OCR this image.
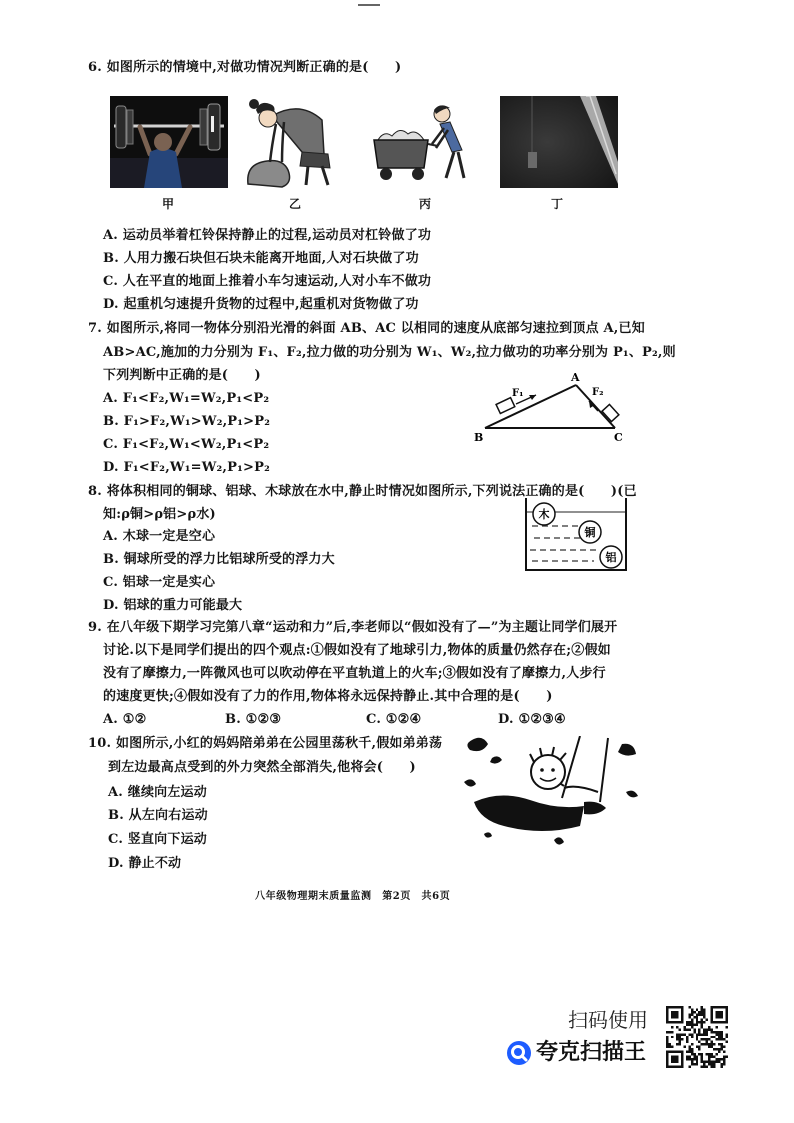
6. 如图所示的情境中,对做功情况判断正确的是(　　)
甲	乙	丙	丁
A. 运动员举着杠铃保持静止的过程,运动员对杠铃做了功
B. 人用力搬石块但石块未能离开地面,人对石块做了功
C. 人在平直的地面上推着小车匀速运动,人对小车不做功
D. 起重机匀速提升货物的过程中,起重机对货物做了功
7. 如图所示,将同一物体分别沿光滑的斜面 AB、AC 以相同的速度从底部匀速拉到顶点 A,已知
AB>AC,施加的力分别为 F₁、F₂,拉力做的功分别为 W₁、W₂,拉力做功的功率分别为 P₁、P₂,则
下列判断中正确的是(　　)
A. F₁<F₂,W₁=W₂,P₁<P₂
B. F₁>F₂,W₁>W₂,P₁>P₂
C. F₁<F₂,W₁<W₂,P₁<P₂
D. F₁<F₂,W₁=W₂,P₁>P₂
A
B	C
F₁	F₂
8. 将体积相同的铜球、铝球、木球放在水中,静止时情况如图所示,下列说法正确的是(　　)(已
知:ρ铜>ρ铝>ρ水)
A. 木球一定是空心
B. 铜球所受的浮力比铝球所受的浮力大
C. 铝球一定是实心
D. 铝球的重力可能最大
木
铜
铝
9. 在八年级下期学习完第八章“运动和力”后,李老师以“假如没有了—”为主题让同学们展开
讨论.以下是同学们提出的四个观点:①假如没有了地球引力,物体的质量仍然存在;②假如
没有了摩擦力,一阵微风也可以吹动停在平直轨道上的火车;③假如没有了摩擦力,人步行
的速度更快;④假如没有了力的作用,物体将永远保持静止.其中合理的是(　　)
A. ①②	B. ①②③	C. ①②④	D. ①②③④
10. 如图所示,小红的妈妈陪弟弟在公园里荡秋千,假如弟弟荡
到左边最高点受到的外力突然全部消失,他将会(　　)
A. 继续向左运动
B. 从左向右运动
C. 竖直向下运动
D. 静止不动
八年级物理期末质量监测　第2页　共6页
扫码使用
夸克扫描王
